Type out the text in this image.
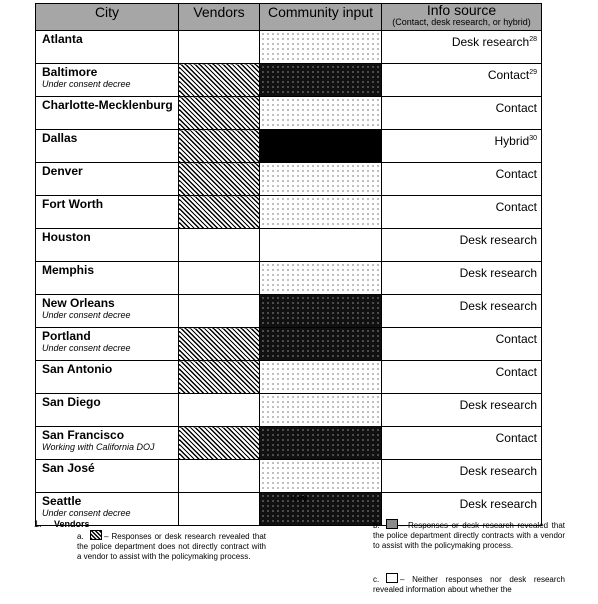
City	Vendors	Community input	Info source
(Contact, desk research, or hybrid)

Atlanta			Desk research$^{28}$

Baltimore
Under consent decree			Contact$^{29}$

Charlotte-Mecklenburg			Contact

Dallas			Hybrid$^{30}$

Denver			Contact

Fort Worth			Contact

Houston			Desk research

Memphis			Desk research

New Orleans
Under consent decree			Desk research

Portland
Under consent decree			Contact

San Antonio			Contact

San Diego			Desk research

San Francisco
Working with California DOJ			Contact

San José			Desk research

Seattle
Under consent decree			Desk research
Key
1. Vendors
a.	– Responses or desk research revealed that the police department does not directly contract with a vendor to assist with the policymaking process.
b.	– Responses or desk research revealed that the police department directly contracts with a vendor to assist with the policymaking process.
c.	– Neither responses nor desk research revealed information about whether the
